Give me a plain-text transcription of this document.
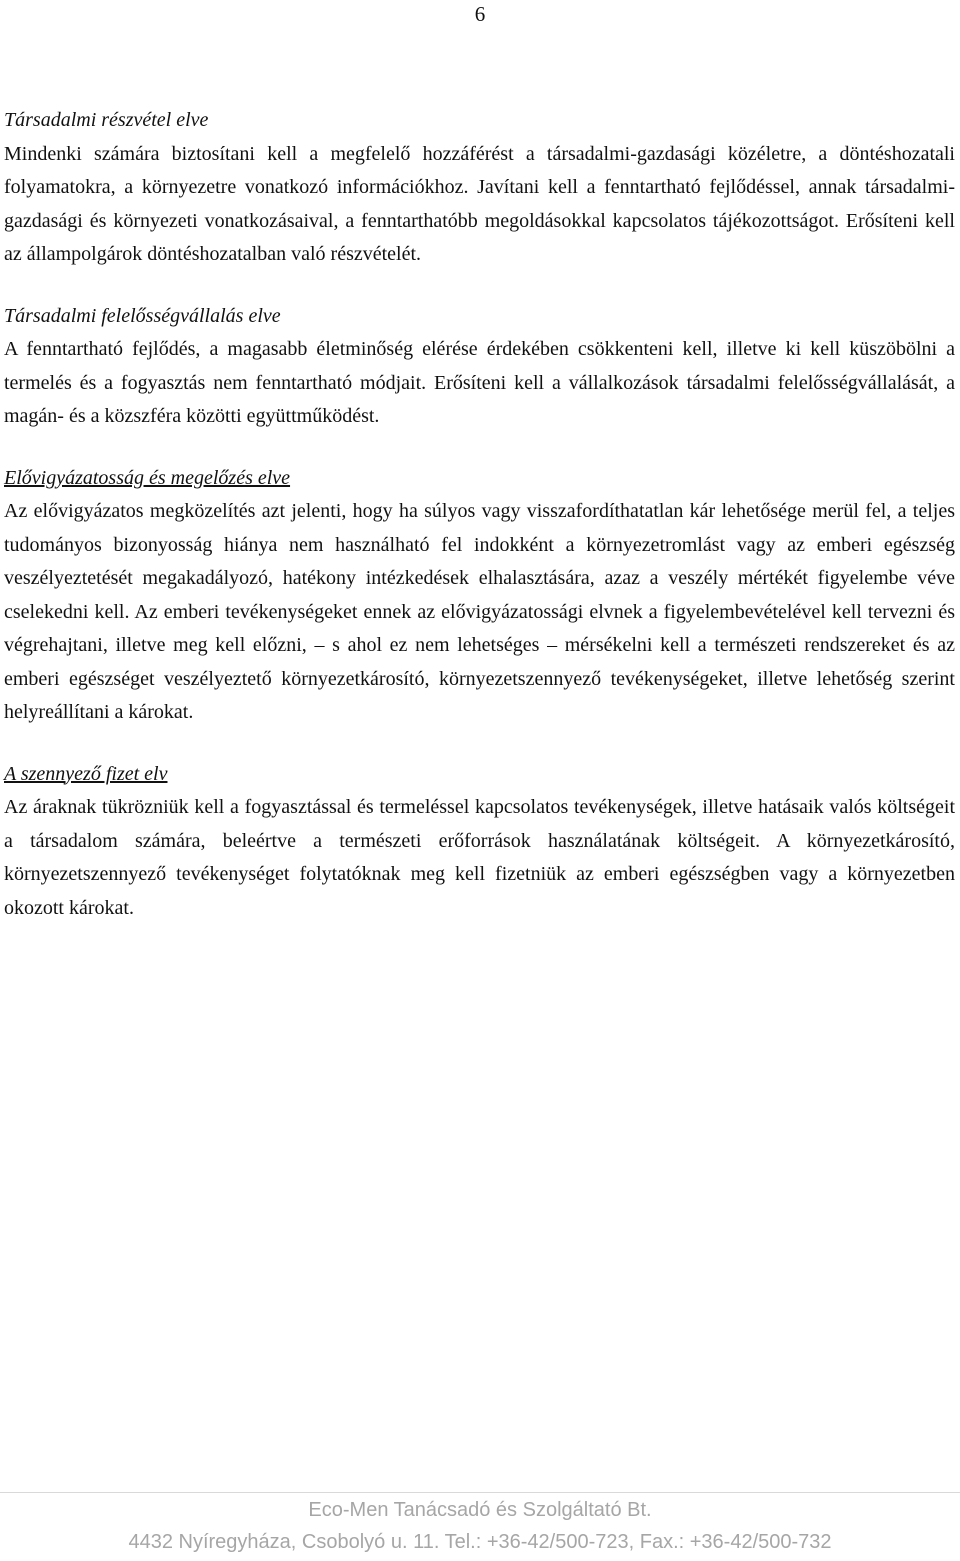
6

Társadalmi részvétel elve

Mindenki számára biztosítani kell a megfelelő hozzáférést a társadalmi-gazdasági közéletre, a döntéshozatali folyamatokra, a környezetre vonatkozó információkhoz. Javítani kell a fenntartható fejlődéssel, annak társadalmi-gazdasági és környezeti vonatkozásaival, a fenntarthatóbb megoldásokkal kapcsolatos tájékozottságot. Erősíteni kell az állampolgárok döntéshozatalban való részvételét.

Társadalmi felelősségvállalás elve

A fenntartható fejlődés, a magasabb életminőség elérése érdekében csökkenteni kell, illetve ki kell küszöbölni a termelés és a fogyasztás nem fenntartható módjait. Erősíteni kell a vállalkozások társadalmi felelősségvállalását, a magán- és a közszféra közötti együttműködést.

Elővigyázatosság és megelőzés elve

Az elővigyázatos megközelítés azt jelenti, hogy ha súlyos vagy visszafordíthatatlan kár lehetősége merül fel, a teljes tudományos bizonyosság hiánya nem használható fel indokként a környezetromlást vagy az emberi egészség veszélyeztetését megakadályozó, hatékony intézkedések elhalasztására, azaz a veszély mértékét figyelembe véve cselekedni kell. Az emberi tevékenységeket ennek az elővigyázatossági elvnek a figyelembevételével kell tervezni és végrehajtani, illetve meg kell előzni, – s ahol ez nem lehetséges – mérsékelni kell a természeti rendszereket és az emberi egészséget veszélyeztető környezetkárosító, környezetszennyező tevékenységeket, illetve lehetőség szerint helyreállítani a károkat.

A szennyező fizet elv

Az áraknak tükrözniük kell a fogyasztással és termeléssel kapcsolatos tevékenységek, illetve hatásaik valós költségeit a társadalom számára, beleértve a természeti erőforrások használatának költségeit. A környezetkárosító, környezetszennyező tevékenységet folytatóknak meg kell fizetniük az emberi egészségben vagy a környezetben okozott károkat.

Eco-Men Tanácsadó és Szolgáltató Bt.
4432 Nyíregyháza, Csobolyó u. 11. Tel.: +36-42/500-723, Fax.: +36-42/500-732
